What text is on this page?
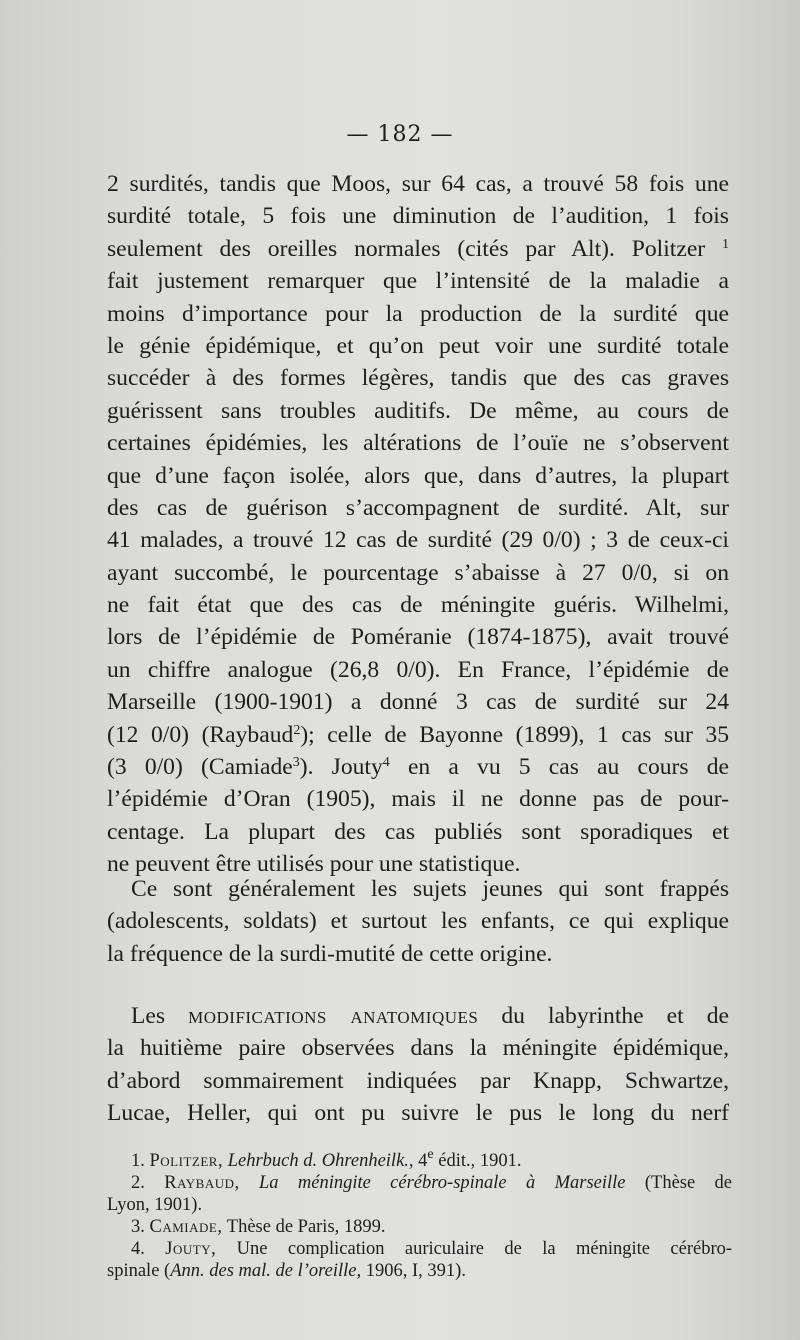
— 182 —
2 surdités, tandis que Moos, sur 64 cas, a trouvé 58 fois une
surdité totale, 5 fois une diminution de l’audition, 1 fois
seulement des oreilles normales (cités par Alt). Politzer $^1$
fait justement remarquer que l’intensité de la maladie a
moins d’importance pour la production de la surdité que
le génie épidémique, et qu’on peut voir une surdité totale
succéder à des formes légères, tandis que des cas graves
guérissent sans troubles auditifs. De même, au cours de
certaines épidémies, les altérations de l’ouïe ne s’observent
que d’une façon isolée, alors que, dans d’autres, la plupart
des cas de guérison s’accompagnent de surdité. Alt, sur
41 malades, a trouvé 12 cas de surdité (29 0/0) ; 3 de ceux-ci
ayant succombé, le pourcentage s’abaisse à 27 0/0, si on
ne fait état que des cas de méningite guéris. Wilhelmi,
lors de l’épidémie de Poméranie (1874-1875), avait trouvé
un chiffre analogue (26,8 0/0). En France, l’épidémie de
Marseille (1900-1901) a donné 3 cas de surdité sur 24
(12 0/0) (Raybaud$^2$); celle de Bayonne (1899), 1 cas sur 35
(3 0/0) (Camiade$^3$). Jouty$^4$ en a vu 5 cas au cours de
l’épidémie d’Oran (1905), mais il ne donne pas de pour-
centage. La plupart des cas publiés sont sporadiques et
ne peuvent être utilisés pour une statistique.
Ce sont généralement les sujets jeunes qui sont frappés
(adolescents, soldats) et surtout les enfants, ce qui explique
la fréquence de la surdi-mutité de cette origine.
Les modifications anatomiques du labyrinthe et de
la huitième paire observées dans la méningite épidémique,
d’abord sommairement indiquées par Knapp, Schwartze,
Lucae, Heller, qui ont pu suivre le pus le long du nerf
1. Politzer, Lehrbuch d. Ohrenheilk., 4e édit., 1901.
2. Raybaud, La méningite cérébro-spinale à Marseille (Thèse de
Lyon, 1901).
3. Camiade, Thèse de Paris, 1899.
4. Jouty, Une complication auriculaire de la méningite cérébro-
spinale (Ann. des mal. de l’oreille, 1906, I, 391).
